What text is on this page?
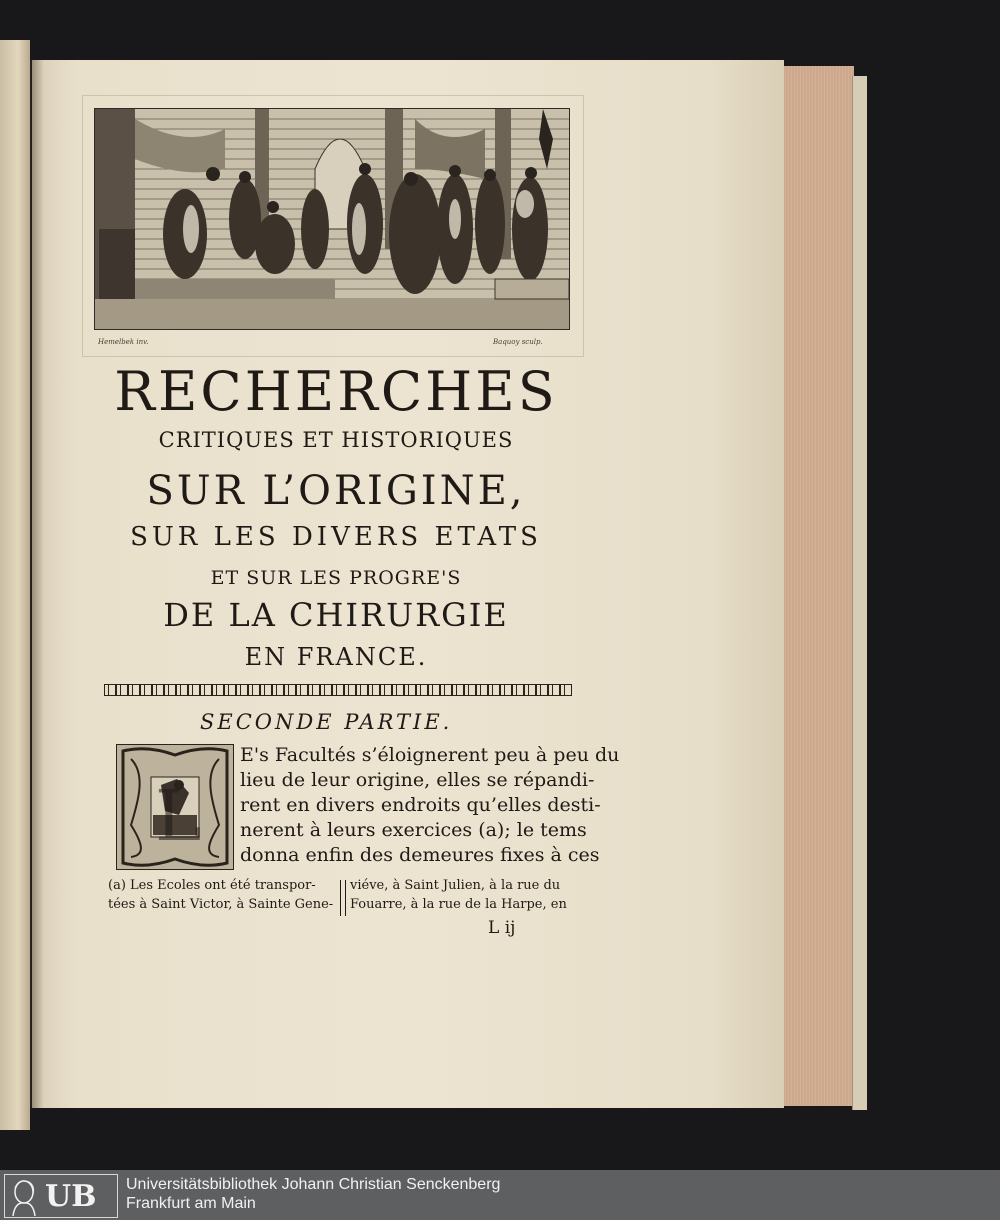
Hemelbek inv.	Baquoy sculp.
RECHERCHES
CRITIQUES ET HISTORIQUES
SUR L’ORIGINE,
SUR LES DIVERS ETATS
ET SUR LES PROGRE'S
DE LA CHIRURGIE
EN FRANCE.
SECONDE PARTIE.
L
E's Facultés s’éloignerent peu à peu du
lieu de leur origine, elles se répandi-
rent en divers endroits qu’elles desti-
nerent à leurs exercices (a); le tems
donna enfin des demeures fixes à ces
(a) Les Ecoles ont été transpor-
tées à Saint Victor, à Sainte Gene-
viéve, à Saint Julien, à la rue du
Fouarre, à la rue de la Harpe, en
L ij
UB Universitätsbibliothek Johann Christian Senckenberg
Frankfurt am Main
